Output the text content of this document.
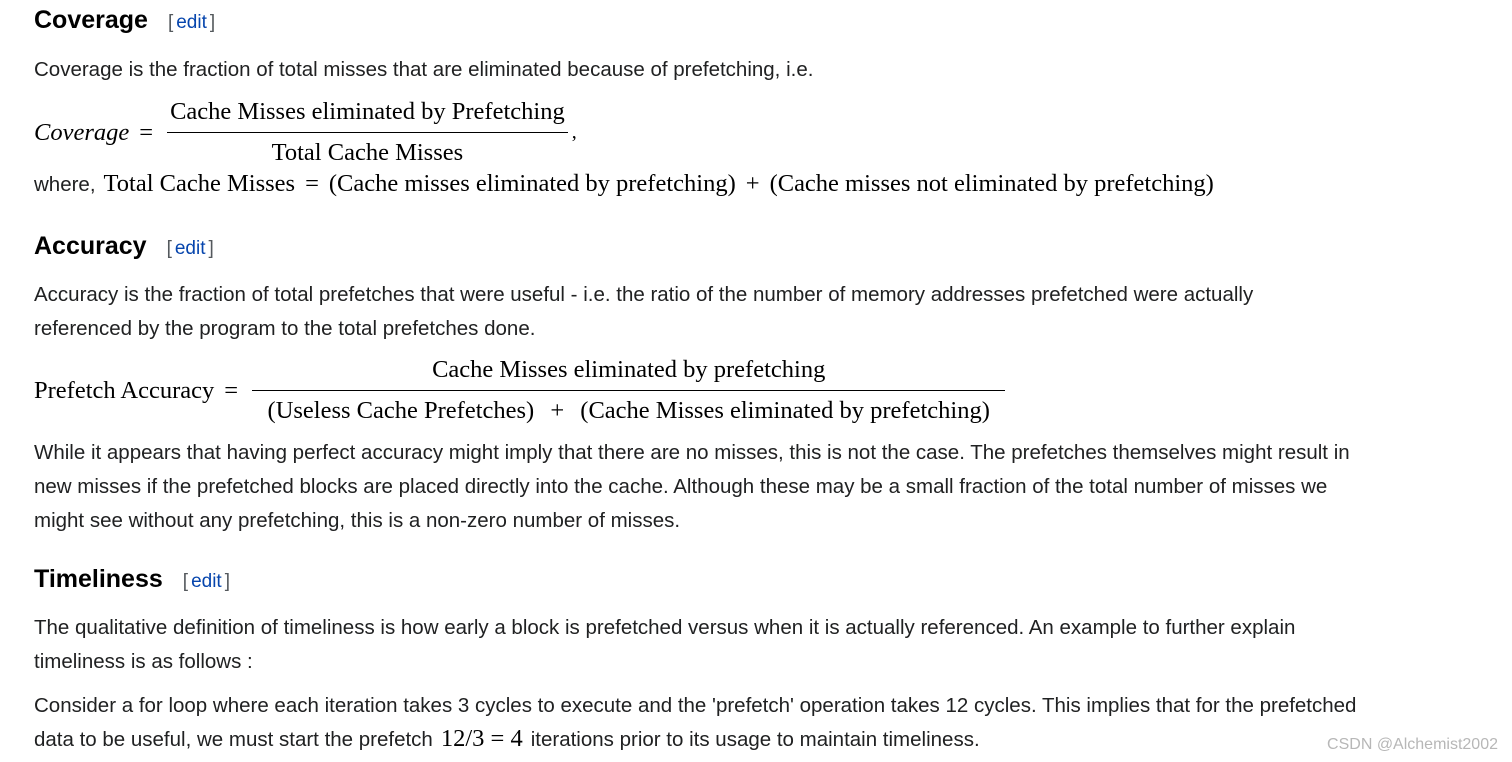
Coverage [ edit ]

Coverage is the fraction of total misses that are eliminated because of prefetching, i.e.

Coverage = $\frac{\text{Cache Misses eliminated by Prefetching}}{\text{Total Cache Misses}}$ ,
where, Total Cache Misses = (Cache misses eliminated by prefetching) + (Cache misses not eliminated by prefetching)
Accuracy [ edit ]

Accuracy is the fraction of total prefetches that were useful - i.e. the ratio of the number of memory addresses prefetched were actually

referenced by the program to the total prefetches done.

Prefetch Accuracy =
Cache Misses eliminated by prefetching
(Useless Cache Prefetches) + (Cache Misses eliminated by prefetching)

While it appears that having perfect accuracy might imply that there are no misses, this is not the case. The prefetches themselves might result in

new misses if the prefetched blocks are placed directly into the cache. Although these may be a small fraction of the total number of misses we

might see without any prefetching, this is a non-zero number of misses.

Timeliness [ edit ]

The qualitative definition of timeliness is how early a block is prefetched versus when it is actually referenced. An example to further explain

timeliness is as follows :

Consider a for loop where each iteration takes 3 cycles to execute and the 'prefetch' operation takes 12 cycles. This implies that for the prefetched

data to be useful, we must start the prefetch 12/3 = 4 iterations prior to its usage to maintain timeliness.	CSDN @Alchemist2002
